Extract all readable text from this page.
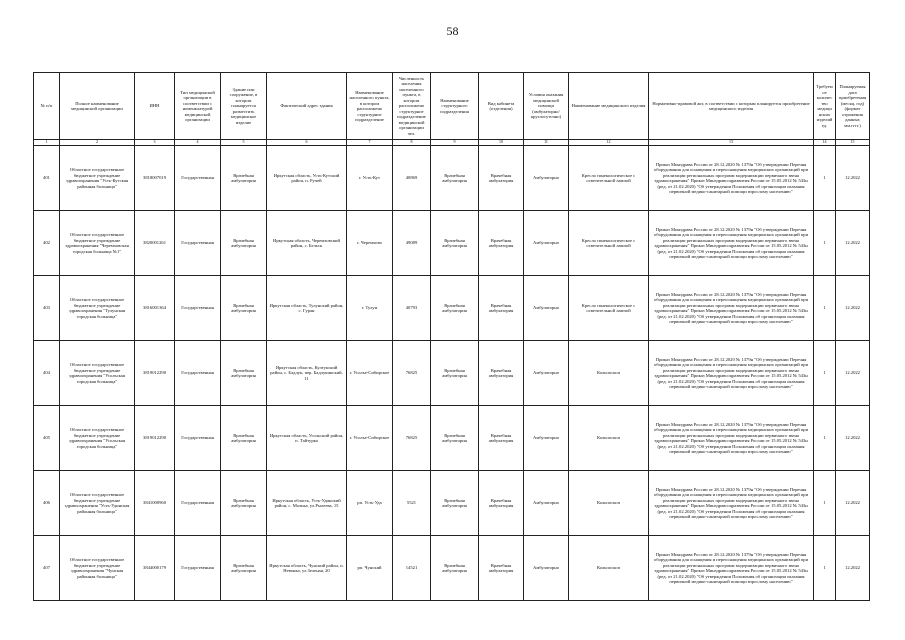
58
№ п/п	Полное наименование медицинской организации	ИНН	Тип медицинской организации в соответствии с номенклатурой медицинской организации	Здание или сооружение, в котором планируется разместить медицинское изделие	Фактический адрес здания	Наименование населенного пункта, в котором расположено структурное подразделение	Численность населения населенного пункта, в котором расположено структурное подразделение медицинской организации чел.	Наименование структурного подразделения	Вид кабинета (отделения)	Условия оказания медицинской помощи (амбулаторно/круглосуточно)	Наименование медицинского изделия	Нормативно-правовой акт, в соответствии с которым планируется приобретение медицинского изделия	Требуемое количество медицинских изделий ед.	Планируемая дата приобретения (месяц, год) (формат отражения данных мм.гггг.)
1	2	3	4	5	6	7	8	9	10	11	12	13	14	15
401	Областное государственное бюджетное учреждение здравоохранения "Усть-Кутская районная больница"	3818007019	Государственная	Врачебная амбулатория	Иркутская область, Усть-Кутский район, п. Ручей	г. Усть-Кут	40869	Врачебная амбулатория	Врачебная амбулатория	Амбулаторно	Кресло гинекологическое с осветительной лампой	Приказ Минздрава России от 28.12.2020 № 1379н "Об утверждении Перечня оборудования для оснащения и переоснащения медицинских организаций при реализации региональных программ модернизации первичного звена здравоохранения" Приказ Минздравсоцразвития России от 15.05.2012 № 543н (ред. от 21.02.2020) "Об утверждении Положения об организации оказания первичной медико-санитарной помощи взрослому населению"	1	12.2022
402	Областное государственное бюджетное учреждение здравоохранения "Черемховская городская больница №1"	3820001261	Государственная	Врачебная амбулатория	Иркутская область, Черемховский район, с. Бельск	г. Черемхово	49089	Врачебная амбулатория	Врачебная амбулатория	Амбулаторно	Кресло гинекологическое с осветительной лампой	Приказ Минздрава России от 28.12.2020 № 1379н "Об утверждении Перечня оборудования для оснащения и переоснащения медицинских организаций при реализации региональных программ модернизации первичного звена здравоохранения" Приказ Минздравсоцразвития России от 15.05.2012 № 543н (ред. от 21.02.2020) "Об утверждении Положения об организации оказания первичной медико-санитарной помощи взрослому населению"	1	12.2022
403	Областное государственное бюджетное учреждение здравоохранения "Тулунская городская больница"	3816001364	Государственная	Врачебная амбулатория	Иркутская область, Тулунский район, с. Гуран	г. Тулун	40793	Врачебная амбулатория	Врачебная амбулатория	Амбулаторно	Кресло гинекологическое с осветительной лампой	Приказ Минздрава России от 28.12.2020 № 1379н "Об утверждении Перечня оборудования для оснащения и переоснащения медицинских организаций при реализации региональных программ модернизации первичного звена здравоохранения" Приказ Минздравсоцразвития России от 15.05.2012 № 543н (ред. от 21.02.2020) "Об утверждении Положения об организации оказания первичной медико-санитарной помощи взрослому населению"	1	12.2022
404	Областное государственное бюджетное учреждение здравоохранения "Усольская городская больница"	3819012290	Государственная	Врачебная амбулатория	Иркутская область, Култукский район, с. Бадлук, пер. Бадлукинский, 11	г. Усолье-Сибирское	76825	Врачебная амбулатория	Врачебная амбулатория	Амбулаторно	Кольпоскоп	Приказ Минздрава России от 28.12.2020 № 1379н "Об утверждении Перечня оборудования для оснащения и переоснащения медицинских организаций при реализации региональных программ модернизации первичного звена здравоохранения" Приказ Минздравсоцразвития России от 15.05.2012 № 543н (ред. от 21.02.2020) "Об утверждении Положения об организации оказания первичной медико-санитарной помощи взрослому населению"	1	12.2022
405	Областное государственное бюджетное учреждение здравоохранения "Усольская городская больница"	3819012290	Государственная	Врачебная амбулатория	Иркутская область, Усольский район, п. Тайтурка	г. Усолье-Сибирское	76825	Врачебная амбулатория	Врачебная амбулатория	Амбулаторно	Кольпоскоп	Приказ Минздрава России от 28.12.2020 № 1379н "Об утверждении Перечня оборудования для оснащения и переоснащения медицинских организаций при реализации региональных программ модернизации первичного звена здравоохранения" Приказ Минздравсоцразвития России от 15.05.2012 № 543н (ред. от 21.02.2020) "Об утверждении Положения об организации оказания первичной медико-санитарной помощи взрослому населению"	1	12.2022
406	Областное государственное бюджетное учреждение здравоохранения "Усть-Удинская районная больница"	3841000960	Государственная	Врачебная амбулатория	Иркутская область, Усть-Удинский район, с. Молька, ул.Рылеева, 15	рп. Усть-Уда	5521	Врачебная амбулатория	Врачебная амбулатория	Амбулаторно	Кольпоскоп	Приказ Минздрава России от 28.12.2020 № 1379н "Об утверждении Перечня оборудования для оснащения и переоснащения медицинских организаций при реализации региональных программ модернизации первичного звена здравоохранения" Приказ Минздравсоцразвития России от 15.05.2012 № 543н (ред. от 21.02.2020) "Об утверждении Положения об организации оказания первичной медико-санитарной помощи взрослому населению"	1	12.2022
407	Областное государственное бюджетное учреждение здравоохранения "Чунская районная больница"	3844000179	Государственная	Врачебная амбулатория	Иркутская область, Чунский район, п. Невонка, ул.Зеленая, 20	рп. Чунский	14521	Врачебная амбулатория	Врачебная амбулатория	Амбулаторно	Кольпоскоп	Приказ Минздрава России от 28.12.2020 № 1379н "Об утверждении Перечня оборудования для оснащения и переоснащения медицинских организаций при реализации региональных программ модернизации первичного звена здравоохранения" Приказ Минздравсоцразвития России от 15.05.2012 № 543н (ред. от 21.02.2020) "Об утверждении Положения об организации оказания первичной медико-санитарной помощи взрослому населению"	1	12.2022
